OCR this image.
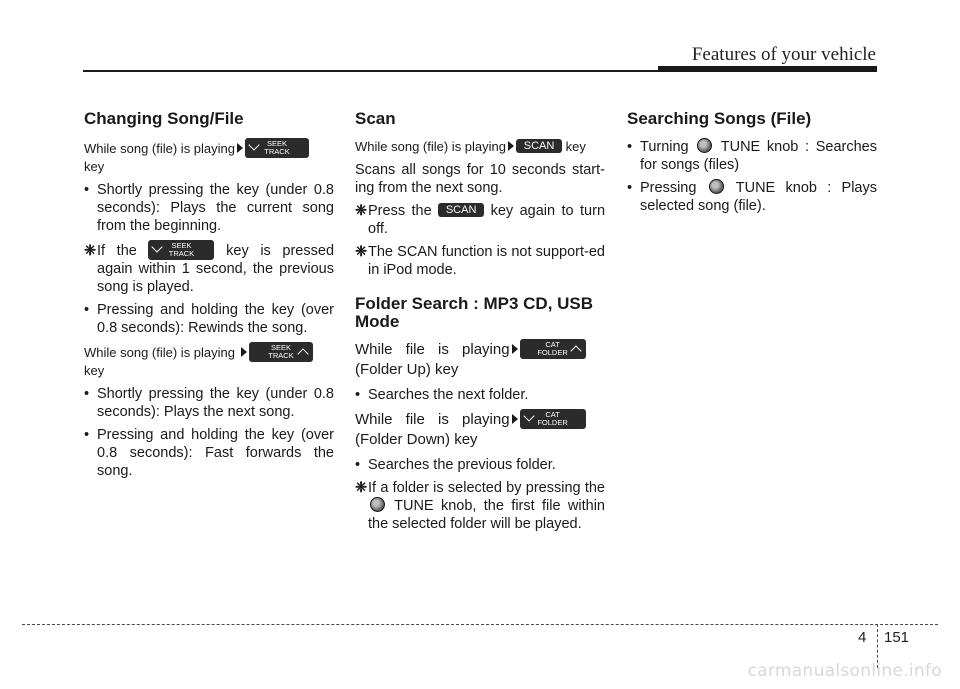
Features of your vehicle
Changing Song/File

While song (file) is playing	SEEK
TRACK

key

• Shortly pressing the key (under 0.8 seconds): Plays the current song from the beginning.

❈If the	SEEK
TRACK	key is pressed again within 1 second, the previous song is played.

• Pressing and holding the key (over 0.8 seconds): Rewinds the song.

While song (file) is playing	SEEK
TRACK

key

• Shortly pressing the key (under 0.8 seconds): Plays the next song.

• Pressing and holding the key (over 0.8 seconds): Fast forwards the song.

Scan

While song (file) is playing	SCAN key

Scans all songs for 10 seconds start-ing from the next song.

❈Press the	SCAN key again to turn off.

❈The SCAN function is not support-ed in iPod mode.

Folder Search : MP3 CD, USB Mode

While file is playing	CAT
FOLDER

(Folder Up) key

• Searches the next folder.

While file is playing	CAT
FOLDER

(Folder Down) key

• Searches the previous folder.

❈If a folder is selected by pressing the  TUNE knob, the first file within the selected folder will be played.

Searching Songs (File)

• Turning TUNE knob : Searches for songs (files)

• Pressing	TUNE knob : Plays selected song (file).

4 151
carmanualsonline.info
